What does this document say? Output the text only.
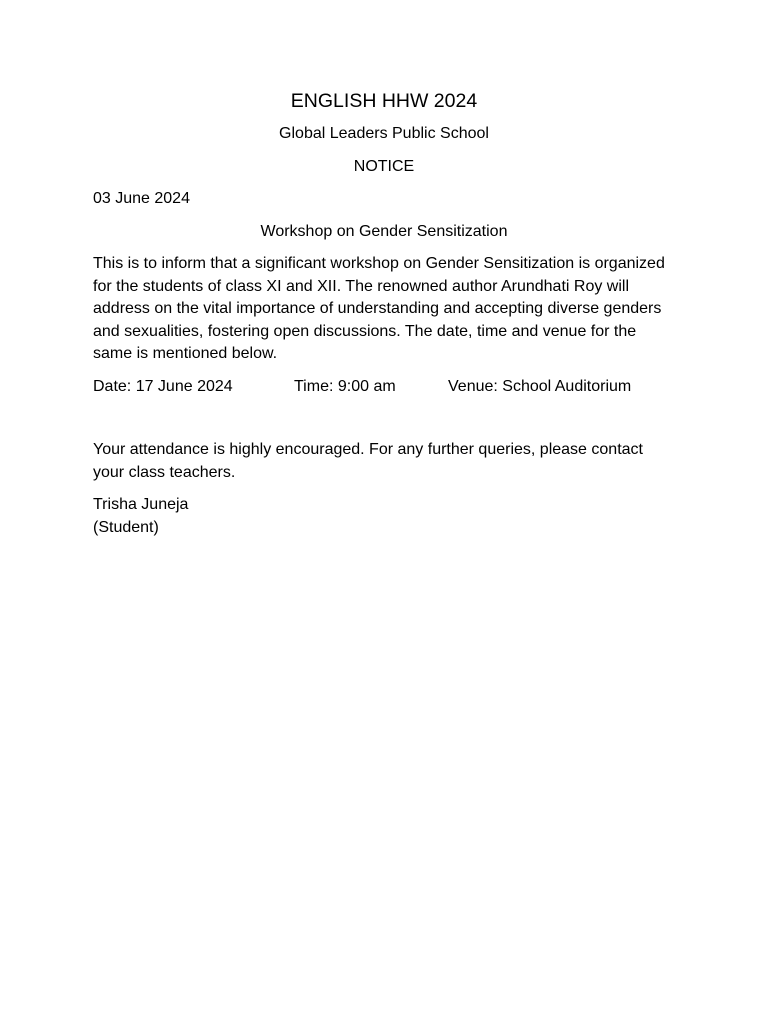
ENGLISH HHW 2024
Global Leaders Public School
NOTICE
03 June 2024
Workshop on Gender Sensitization
This is to inform that a significant workshop on Gender Sensitization is organized for the students of class XI and XII. The renowned author Arundhati Roy will address on the vital importance of understanding and accepting diverse genders and sexualities, fostering open discussions. The date, time and venue for the same is mentioned below.
Date: 17 June 2024	Time: 9:00 am	Venue: School Auditorium
Your attendance is highly encouraged. For any further queries, please contact your class teachers.
Trisha Juneja
(Student)
